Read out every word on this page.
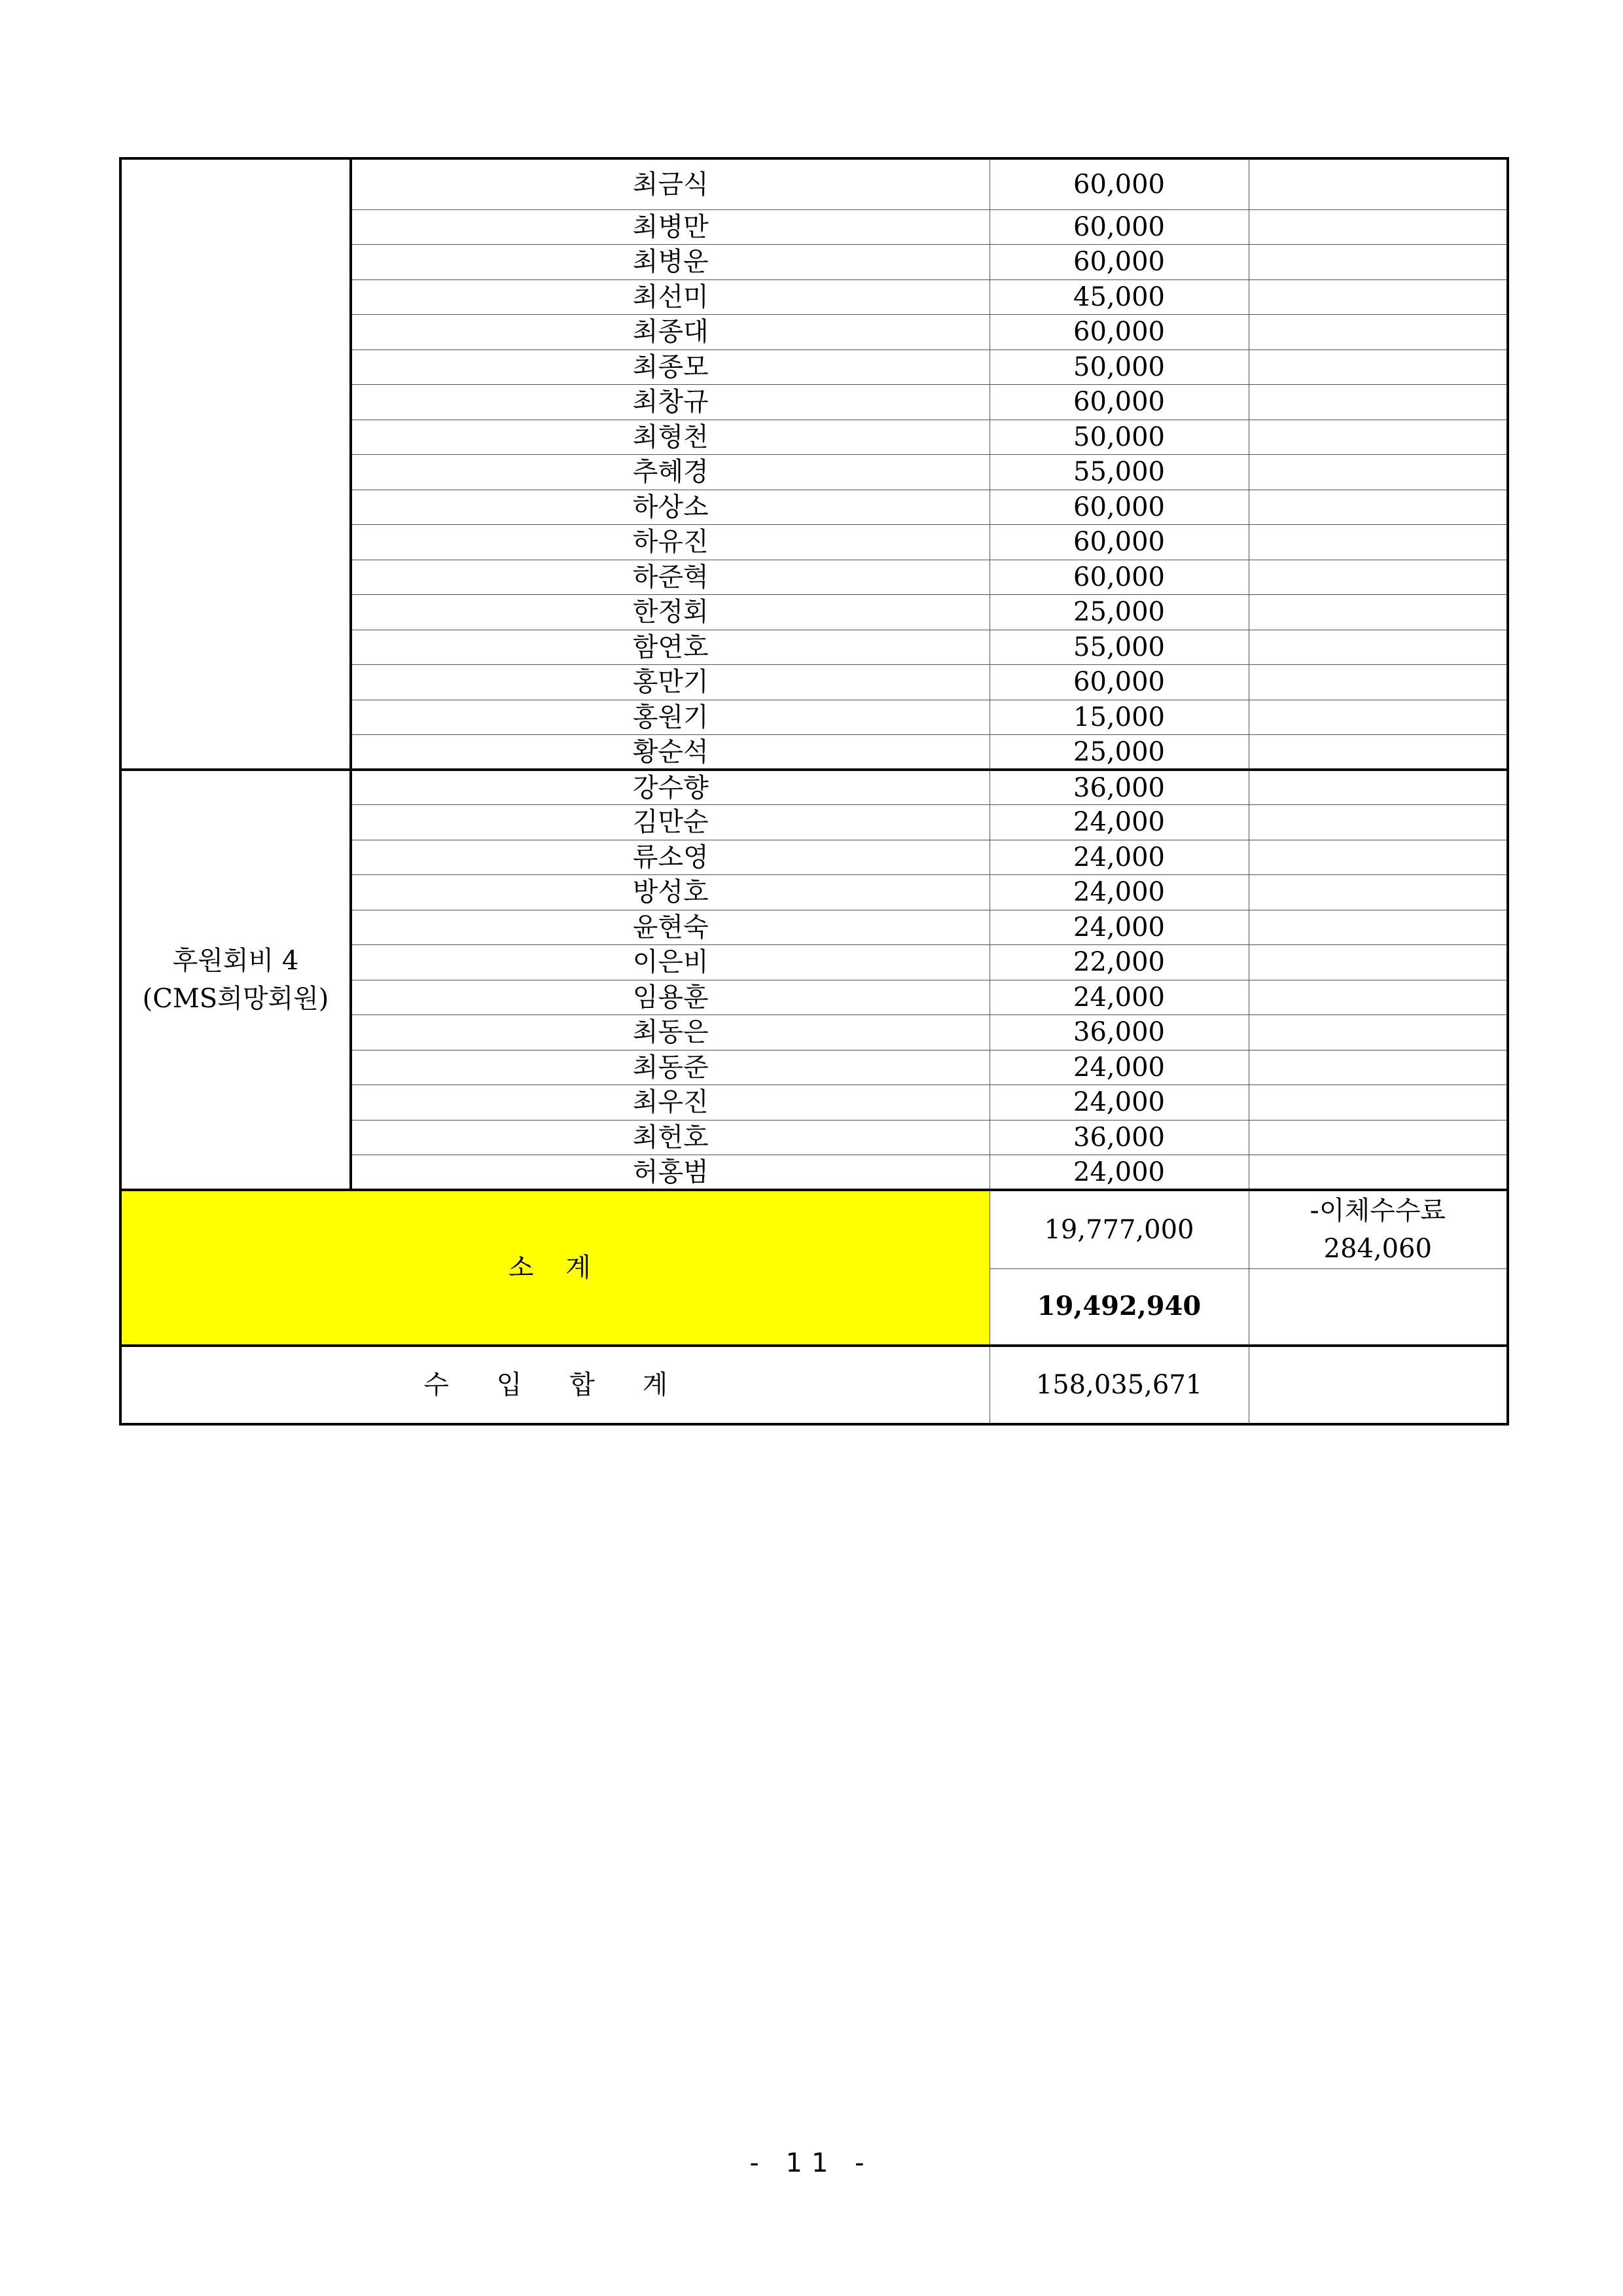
	최금식	60,000	
	최병만	60,000	
	최병운	60,000	
	최선미	45,000	
	최종대	60,000	
	최종모	50,000	
	최창규	60,000	
	최형천	50,000	
	추혜경	55,000	
	하상소	60,000	
	하유진	60,000	
	하준혁	60,000	
	한정회	25,000	
	함연호	55,000	
	홍만기	60,000	
	홍원기	15,000	
	황순석	25,000	

후원회비 4
(CMS희망회원)	강수향	36,000	
	김만순	24,000	
	류소영	24,000	
	방성호	24,000	
	윤현숙	24,000	
	이은비	22,000	
	임용훈	24,000	
	최동은	36,000	
	최동준	24,000	
	최우진	24,000	
	최헌호	36,000	
	허홍범	24,000	
소 계		19,777,000	-이체수수료
284,060

		19,492,940	
수 입 합 계		158,035,671	
- 11 -
